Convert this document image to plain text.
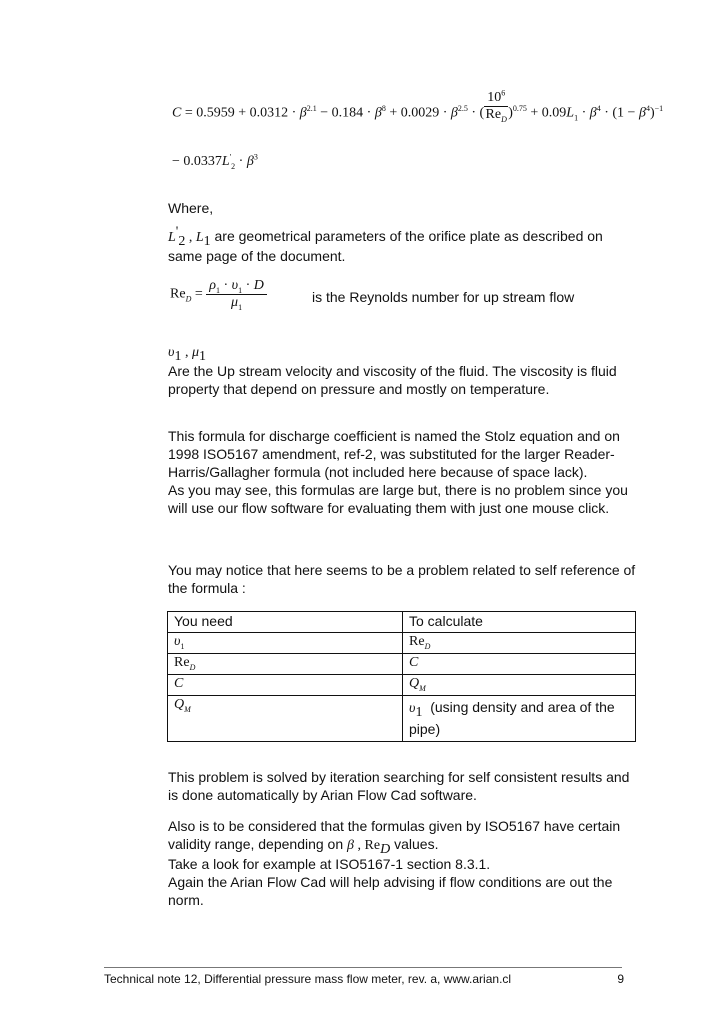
$C = 0.5959 + 0.0312 \cdot \beta^{2.1} - 0.184 \cdot \beta^8 + 0.0029 \cdot \beta^{2.5}$ · ( $\frac{10^6}{Re_D} )^{0.75} + 0.09L_1 \cdot \beta^4 \cdot (1 - \beta^4)^{-1}$
− $0.0337L'_2 \cdot \beta^3$
Where,
$L'_2$ , $L_1$ are geometrical parameters of the orifice plate as described on same page of the document.
$Re_D = \frac{\rho_1 \cdot \upsilon_1 \cdot D}{\mu_1}$	is the Reynolds number for up stream flow
$\upsilon_1$ , $\mu_1$

Are the Up stream velocity and viscosity of the fluid. The viscosity is fluid property that depend on pressure and mostly on temperature.

This formula for discharge coefficient is named the Stolz equation and on 1998 ISO5167 amendment, ref-2, was substituted for the larger Reader-Harris/Gallagher formula (not included here because of space lack).

As you may see, this formulas are large but, there is no problem since you will use our flow software for evaluating them with just one mouse click.

You may notice that here seems to be a problem related to self reference of the formula :

You need	To calculate
$\upsilon_1$	$Re_D$
$Re_D$	C
C	$Q_M$
$Q_M$	$\upsilon_1$ (using density and area of the pipe)

This problem is solved by iteration searching for self consistent results and is done automatically by Arian Flow Cad software.

Also is to be considered that the formulas given by ISO5167 have certain validity range, depending on β , $Re_D$ values.

Take a look for example at ISO5167-1 section 8.3.1.

Again the Arian Flow Cad will help advising if flow conditions are out the norm.

Technical note 12, Differential pressure mass flow meter, rev. a, www.arian.cl	9
